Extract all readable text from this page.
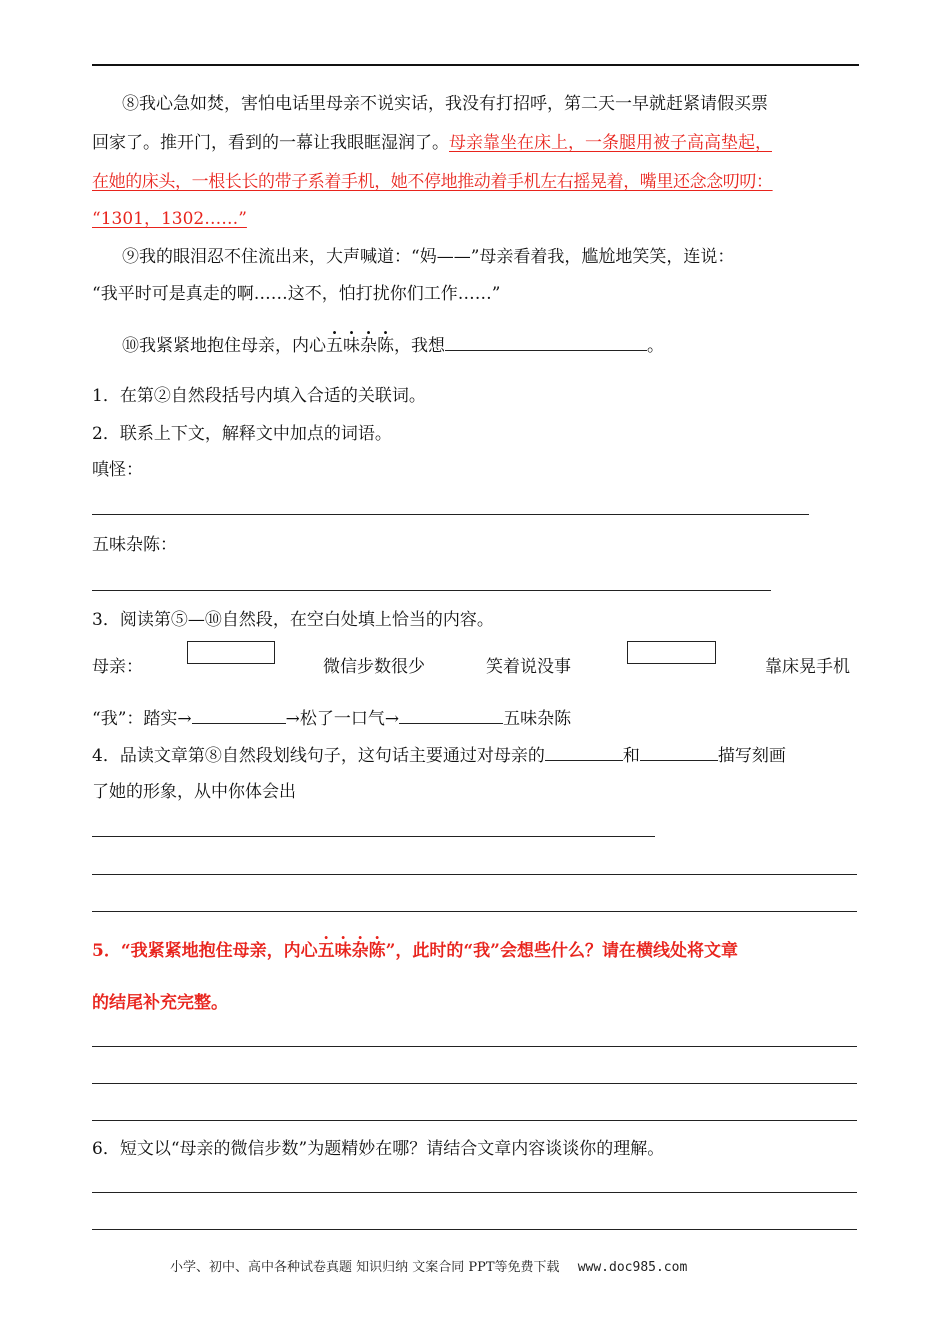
⑧我心急如焚，害怕电话里母亲不说实话，我没有打招呼，第二天一早就赶紧请假买票
回家了。推开门，看到的一幕让我眼眶湿润了。母亲靠坐在床上，一条腿用被子高高垫起，
在她的床头，一根长长的带子系着手机，她不停地推动着手机左右摇晃着，嘴里还念念叨叨：
“1301，1302……”
⑨我的眼泪忍不住流出来，大声喊道：“妈——”母亲看着我，尴尬地笑笑，连说：
“我平时可是真走的啊……这不，怕打扰你们工作……”
⑩我紧紧地抱住母亲，内心五味杂陈，我想	。
1．在第②自然段括号内填入合适的关联词。
2．联系上下文，解释文中加点的词语。
嗔怪：
五味杂陈：
3．阅读第⑤—⑩自然段，在空白处填上恰当的内容。
母亲：	微信步数很少	笑着说没事	靠床晃手机
“我”：踏实→	→松了一口气→	五味杂陈
4．品读文章第⑧自然段划线句子，这句话主要通过对母亲的	和	描写刻画
了她的形象，从中你体会出
5．“我紧紧地抱住母亲，内心五味杂陈”，此时的“我”会想些什么？请在横线处将文章
的结尾补充完整。
6．短文以“母亲的微信步数”为题精妙在哪？请结合文章内容谈谈你的理解。
小学、初中、高中各种试卷真题 知识归纳 文案合同 PPT等免费下载 www.doc985.com
